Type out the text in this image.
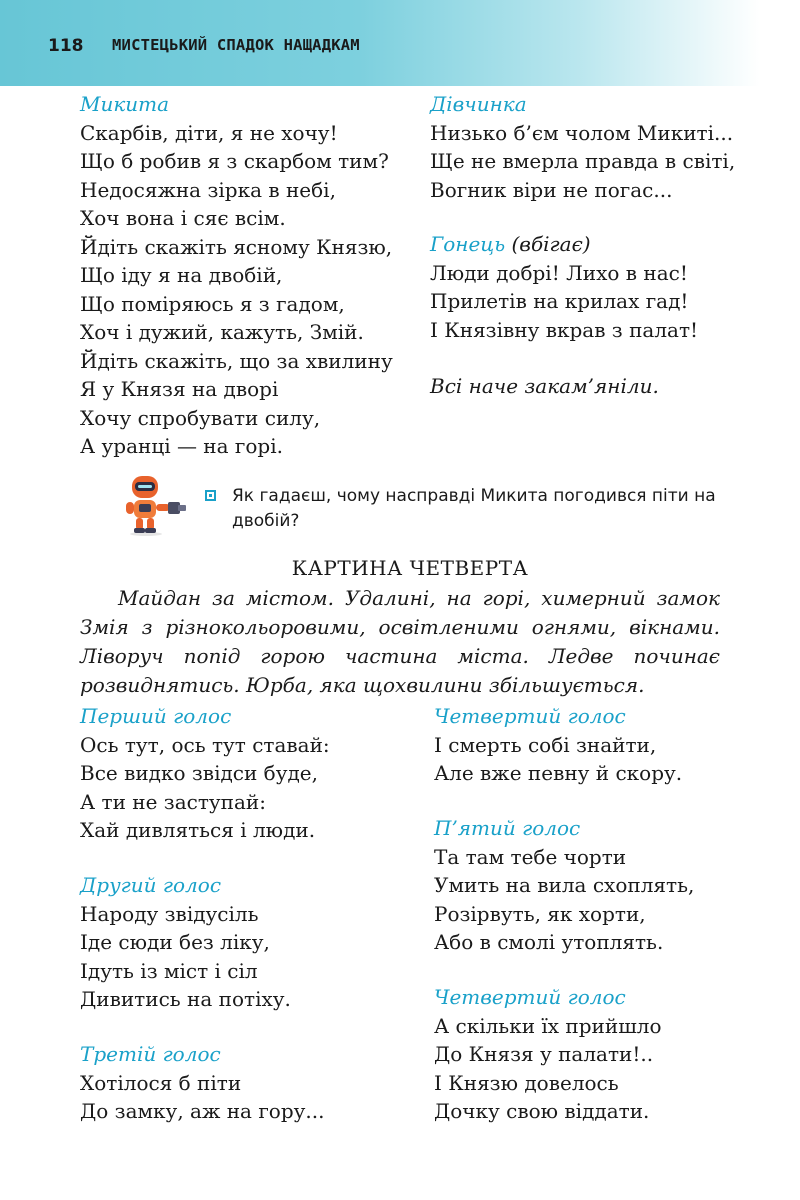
118 МИСТЕЦЬКИЙ СПАДОК НАЩАДКАМ
Микита
Скарбів, діти, я не хочу!
Що б робив я з скарбом тим?
Недосяжна зірка в небі,
Хоч вона і сяє всім.
Йдіть скажіть ясному Князю,
Що іду я на двобій,
Що поміряюсь я з гадом,
Хоч і дужий, кажуть, Змій.
Йдіть скажіть, що за хвилину
Я у Князя на дворі
Хочу спробувати силу,
А уранці — на горі.
Дівчинка
Низько б’єм чолом Микиті...
Ще не вмерла правда в світі,
Вогник віри не погас...
Гонець (вбігає)
Люди добрі! Лихо в нас!
Прилетів на крилах гад!
І Князівну вкрав з палат!
Всі наче закам’яніли.
Як гадаєш, чому насправді Микита погодився піти на двобій?
КАРТИНА ЧЕТВЕРТА

Майдан за містом. Удалині, на горі, химерний замок Змія з різнокольоровими, освітленими огнями, вікнами. Ліворуч попід горою частина міста. Ледве починає розвиднятись. Юрба, яка щохвилини збільшується.

Перший голос
Ось тут, ось тут ставай:
Все видко звідси буде,
А ти не заступай:
Хай дивляться і люди.
Другий голос
Народу звідусіль
Іде сюди без ліку,
Ідуть із міст і сіл
Дивитись на потіху.
Третій голос
Хотілося б піти
До замку, аж на гору...
Четвертий голос
І смерть собі знайти,
Але вже певну й скору.
П’ятий голос
Та там тебе чорти
Умить на вила схоплять,
Розірвуть, як хорти,
Або в смолі утоплять.
Четвертий голос
А скільки їх прийшло
До Князя у палати!..
І Князю довелось
Дочку свою віддати.
